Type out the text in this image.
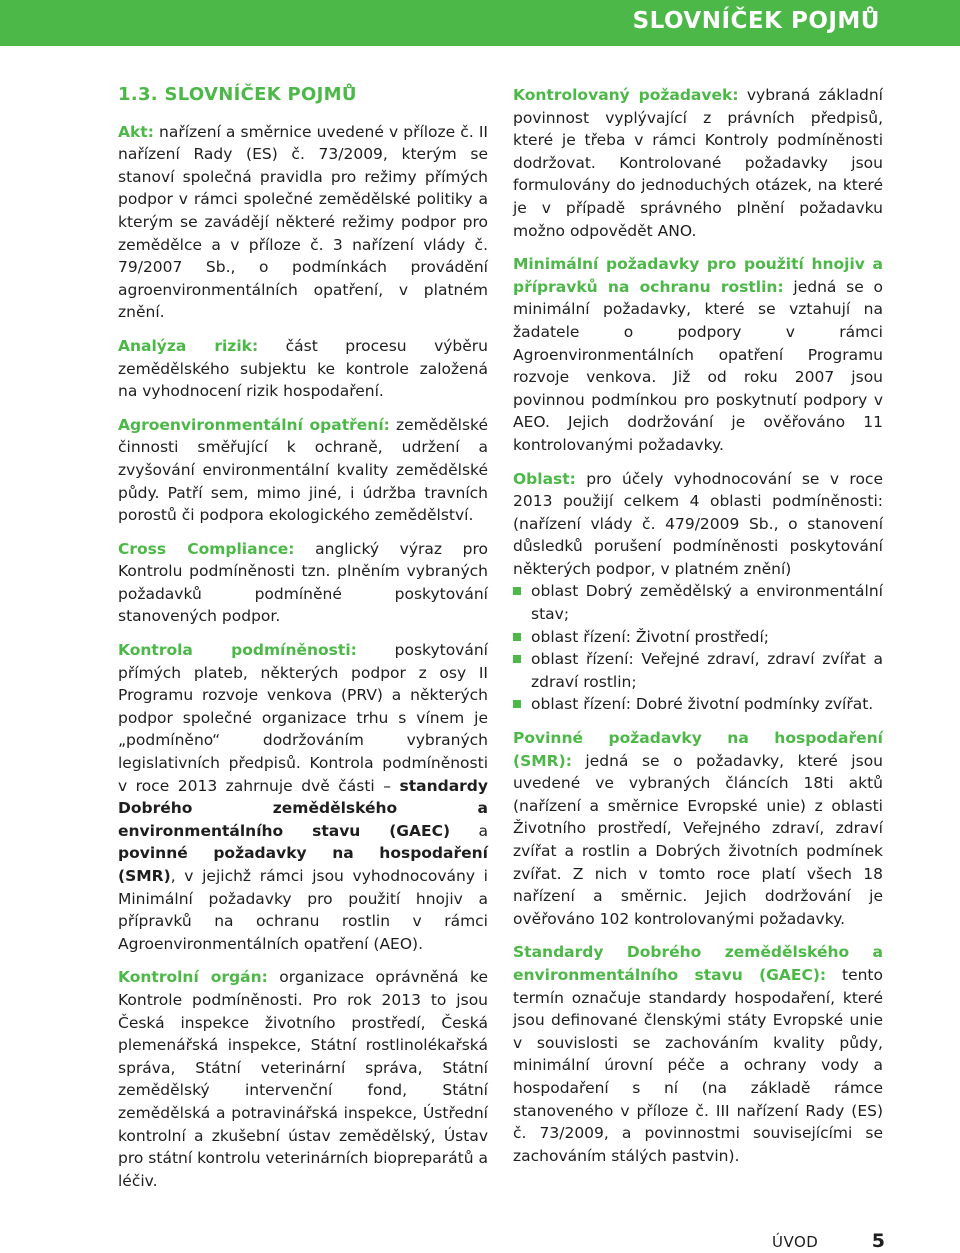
SLOVNÍČEK POJMŮ
1.3. SLOVNÍČEK POJMŮ

Akt: nařízení a směrnice uvedené v příloze č. II nařízení Rady (ES) č. 73/2009, kterým se stanoví společná pravidla pro režimy přímých podpor v rámci společné zemědělské politiky a kterým se zavádějí některé režimy podpor pro zemědělce a v příloze č. 3 nařízení vlády č. 79/2007 Sb., o podmínkách provádění agroenvironmentálních opatření, v platném znění.

Analýza rizik: část procesu výběru zemědělského subjektu ke kontrole založená na vyhodnocení rizik hospodaření.

Agroenvironmentální opatření: zemědělské činnosti směřující k ochraně, udržení a zvyšování environmentální kvality zemědělské půdy. Patří sem, mimo jiné, i údržba travních porostů či podpora ekologického zemědělství.

Cross Compliance: anglický výraz pro Kontrolu podmíněnosti tzn. plněním vybraných požadavků podmíněné poskytování stanovených podpor.

Kontrola podmíněnosti: poskytování přímých plateb, některých podpor z osy II Programu rozvoje venkova (PRV) a některých podpor společné organizace trhu s vínem je „podmíněno“ dodržováním vybraných legislativních předpisů. Kontrola podmíněnosti v roce 2013 zahrnuje dvě části – standardy Dobrého zemědělského a environmentálního stavu (GAEC) a povinné požadavky na hospodaření (SMR), v jejichž rámci jsou vyhodnocovány i Minimální požadavky pro použití hnojiv a přípravků na ochranu rostlin v rámci Agroenvironmentálních opatření (AEO).

Kontrolní orgán: organizace oprávněná ke Kontrole podmíněnosti. Pro rok 2013 to jsou Česká inspekce životního prostředí, Česká plemenářská inspekce, Státní rostlinolékařská správa, Státní veterinární správa, Státní zemědělský intervenční fond, Státní zemědělská a potravinářská inspekce, Ústřední kontrolní a zkušební ústav zemědělský, Ústav pro státní kontrolu veterinárních biopreparátů a léčiv.

Kontrolovaný požadavek: vybraná základní povinnost vyplývající z právních předpisů, které je třeba v rámci Kontroly podmíněnosti dodržovat. Kontrolované požadavky jsou formulovány do jednoduchých otázek, na které je v případě správného plnění požadavku možno odpovědět ANO.

Minimální požadavky pro použití hnojiv a přípravků na ochranu rostlin: jedná se o minimální požadavky, které se vztahují na žadatele o podpory v rámci Agroenvironmentálních opatření Programu rozvoje venkova. Již od roku 2007 jsou povinnou podmínkou pro poskytnutí podpory v AEO. Jejich dodržování je ověřováno 11 kontrolovanými požadavky.

Oblast: pro účely vyhodnocování se v roce 2013 použijí celkem 4 oblasti podmíněnosti: (nařízení vlády č. 479/2009 Sb., o stanovení důsledků porušení podmíněnosti poskytování některých podpor, v platném znění)

oblast Dobrý zemědělský a environmentální stav;
oblast řízení: Životní prostředí;
oblast řízení: Veřejné zdraví, zdraví zvířat a zdraví rostlin;
oblast řízení: Dobré životní podmínky zvířat.

Povinné požadavky na hospodaření (SMR): jedná se o požadavky, které jsou uvedené ve vybraných článcích 18ti aktů (nařízení a směrnice Evropské unie) z oblasti Životního prostředí, Veřejného zdraví, zdraví zvířat a rostlin a Dobrých životních podmínek zvířat. Z nich v tomto roce platí všech 18 nařízení a směrnic. Jejich dodržování je ověřováno 102 kontrolovanými požadavky.

Standardy Dobrého zemědělského a environmentálního stavu (GAEC): tento termín označuje standardy hospodaření, které jsou definované členskými státy Evropské unie v souvislosti se zachováním kvality půdy, minimální úrovní péče a ochrany vody a hospodaření s ní (na základě rámce stanoveného v příloze č. III nařízení Rady (ES) č. 73/2009, a povinnostmi souvisejícími se zachováním stálých pastvin).

ÚVOD	5
